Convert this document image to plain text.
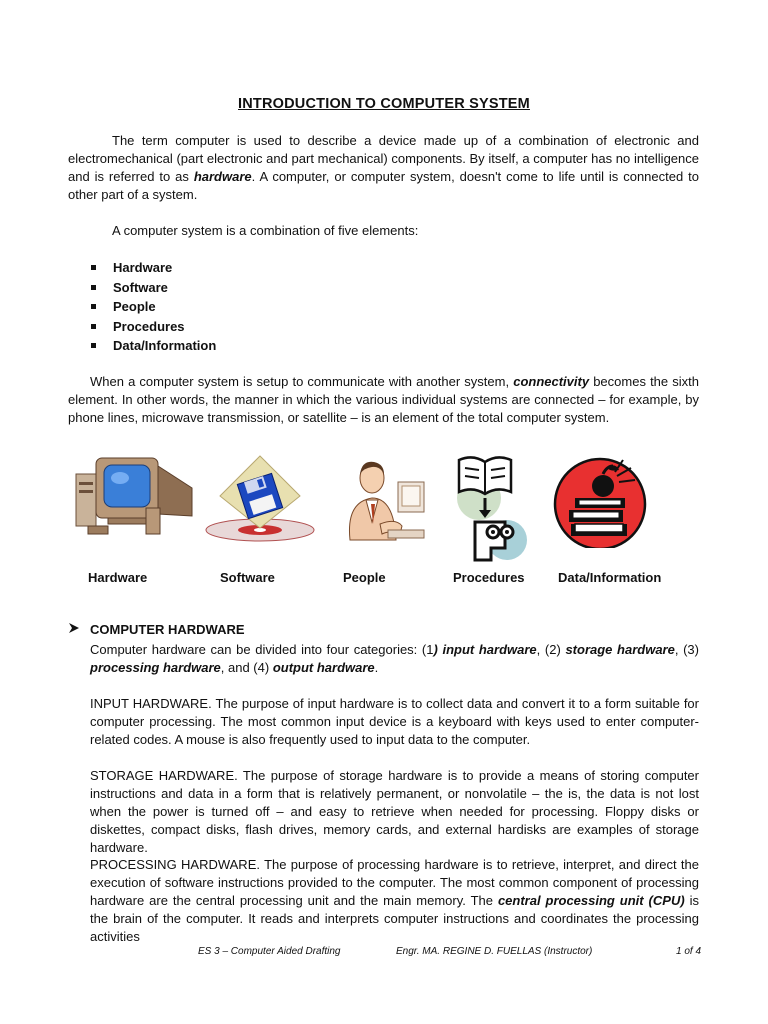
INTRODUCTION TO COMPUTER SYSTEM
The term computer is used to describe a device made up of a combination of electronic and electromechanical (part electronic and part mechanical) components. By itself, a computer has no intelligence and is referred to as hardware. A computer, or computer system, doesn't come to life until is connected to other part of a system.
A computer system is a combination of five elements:
Hardware
Software
People
Procedures
Data/Information
When a computer system is setup to communicate with another system, connectivity becomes the sixth element. In other words, the manner in which the various individual systems are connected – for example, by phone lines, microwave transmission, or satellite – is an element of the total computer system.
Hardware	Software	People	Procedures	Data/Information
COMPUTER HARDWARE
Computer hardware can be divided into four categories: (1) input hardware, (2) storage hardware, (3) processing hardware, and (4) output hardware.
INPUT HARDWARE. The purpose of input hardware is to collect data and convert it to a form suitable for computer processing. The most common input device is a keyboard with keys used to enter computer-related codes. A mouse is also frequently used to input data to the computer.
STORAGE HARDWARE. The purpose of storage hardware is to provide a means of storing computer instructions and data in a form that is relatively permanent, or nonvolatile – the is, the data is not lost when the power is turned off – and easy to retrieve when needed for processing. Floppy disks or diskettes, compact disks, flash drives, memory cards, and external hardisks are examples of storage hardware.
PROCESSING HARDWARE. The purpose of processing hardware is to retrieve, interpret, and direct the execution of software instructions provided to the computer. The most common component of processing hardware are the central processing unit and the main memory. The central processing unit (CPU) is the brain of the computer. It reads and interprets computer instructions and coordinates the processing activities
ES 3 – Computer Aided Drafting	Engr. MA. REGINE D. FUELLAS (Instructor)	1 of 4
